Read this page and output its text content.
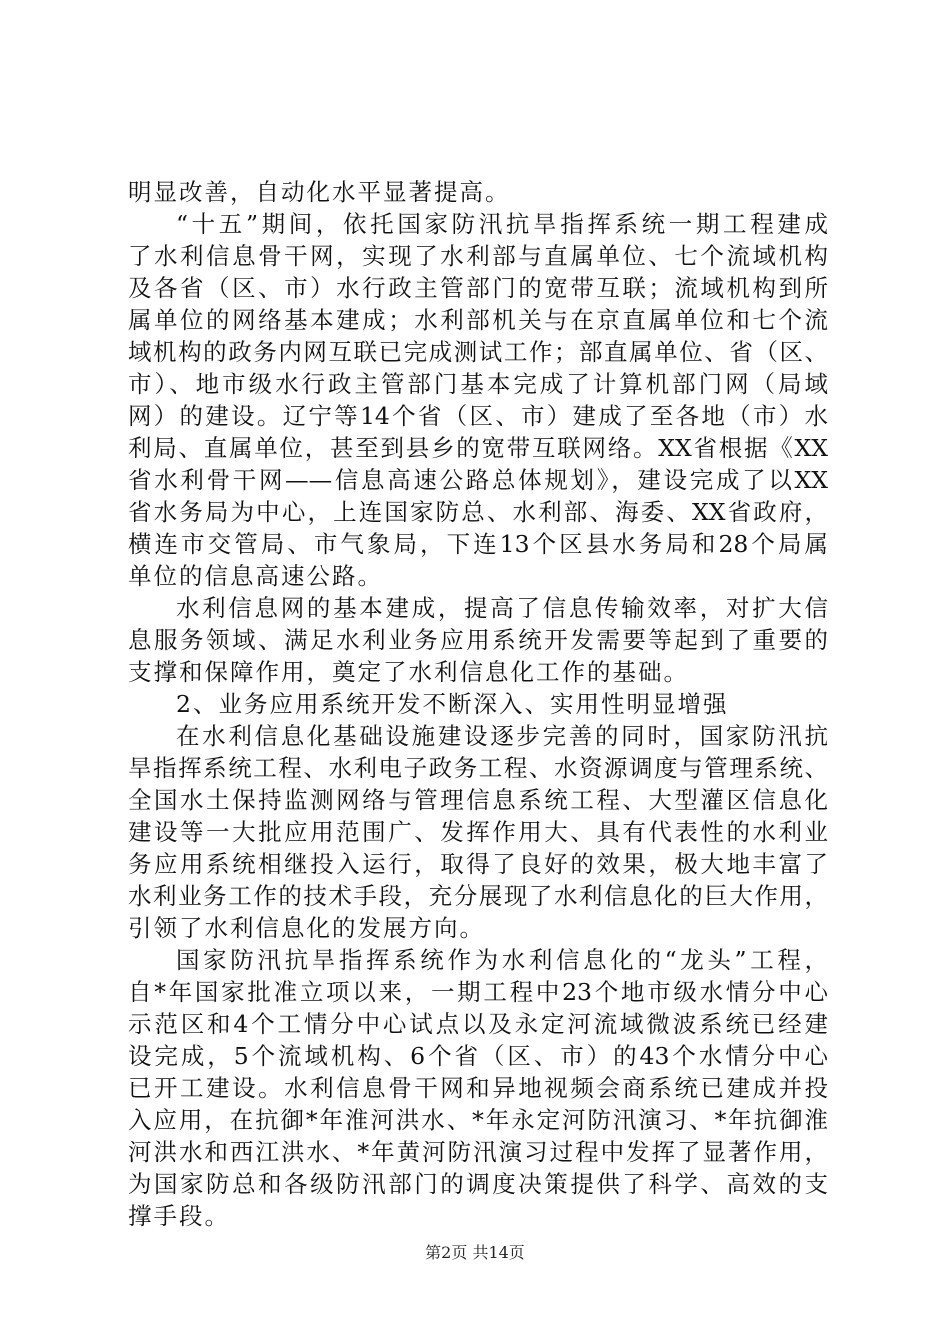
明显改善，自动化水平显著提高。
“十五”期间，依托国家防汛抗旱指挥系统一期工程建成
了水利信息骨干网，实现了水利部与直属单位、七个流域机构
及各省（区、市）水行政主管部门的宽带互联；流域机构到所
属单位的网络基本建成；水利部机关与在京直属单位和七个流
域机构的政务内网互联已完成测试工作；部直属单位、省（区、
市）、地市级水行政主管部门基本完成了计算机部门网（局域
网）的建设。辽宁等14个省（区、市）建成了至各地（市）水
利局、直属单位，甚至到县乡的宽带互联网络。XX省根据《XX
省水利骨干网——信息高速公路总体规划》，建设完成了以XX
省水务局为中心，上连国家防总、水利部、海委、XX省政府，
横连市交管局、市气象局，下连13个区县水务局和28个局属
单位的信息高速公路。
水利信息网的基本建成，提高了信息传输效率，对扩大信
息服务领域、满足水利业务应用系统开发需要等起到了重要的
支撑和保障作用，奠定了水利信息化工作的基础。
2、业务应用系统开发不断深入、实用性明显增强
在水利信息化基础设施建设逐步完善的同时，国家防汛抗
旱指挥系统工程、水利电子政务工程、水资源调度与管理系统、
全国水土保持监测网络与管理信息系统工程、大型灌区信息化
建设等一大批应用范围广、发挥作用大、具有代表性的水利业
务应用系统相继投入运行，取得了良好的效果，极大地丰富了
水利业务工作的技术手段，充分展现了水利信息化的巨大作用，
引领了水利信息化的发展方向。
国家防汛抗旱指挥系统作为水利信息化的“龙头”工程，
自*年国家批准立项以来，一期工程中23个地市级水情分中心
示范区和4个工情分中心试点以及永定河流域微波系统已经建
设完成，5个流域机构、6个省（区、市）的43个水情分中心
已开工建设。水利信息骨干网和异地视频会商系统已建成并投
入应用，在抗御*年淮河洪水、*年永定河防汛演习、*年抗御淮
河洪水和西江洪水、*年黄河防汛演习过程中发挥了显著作用，
为国家防总和各级防汛部门的调度决策提供了科学、高效的支
撑手段。
第2页 共14页
